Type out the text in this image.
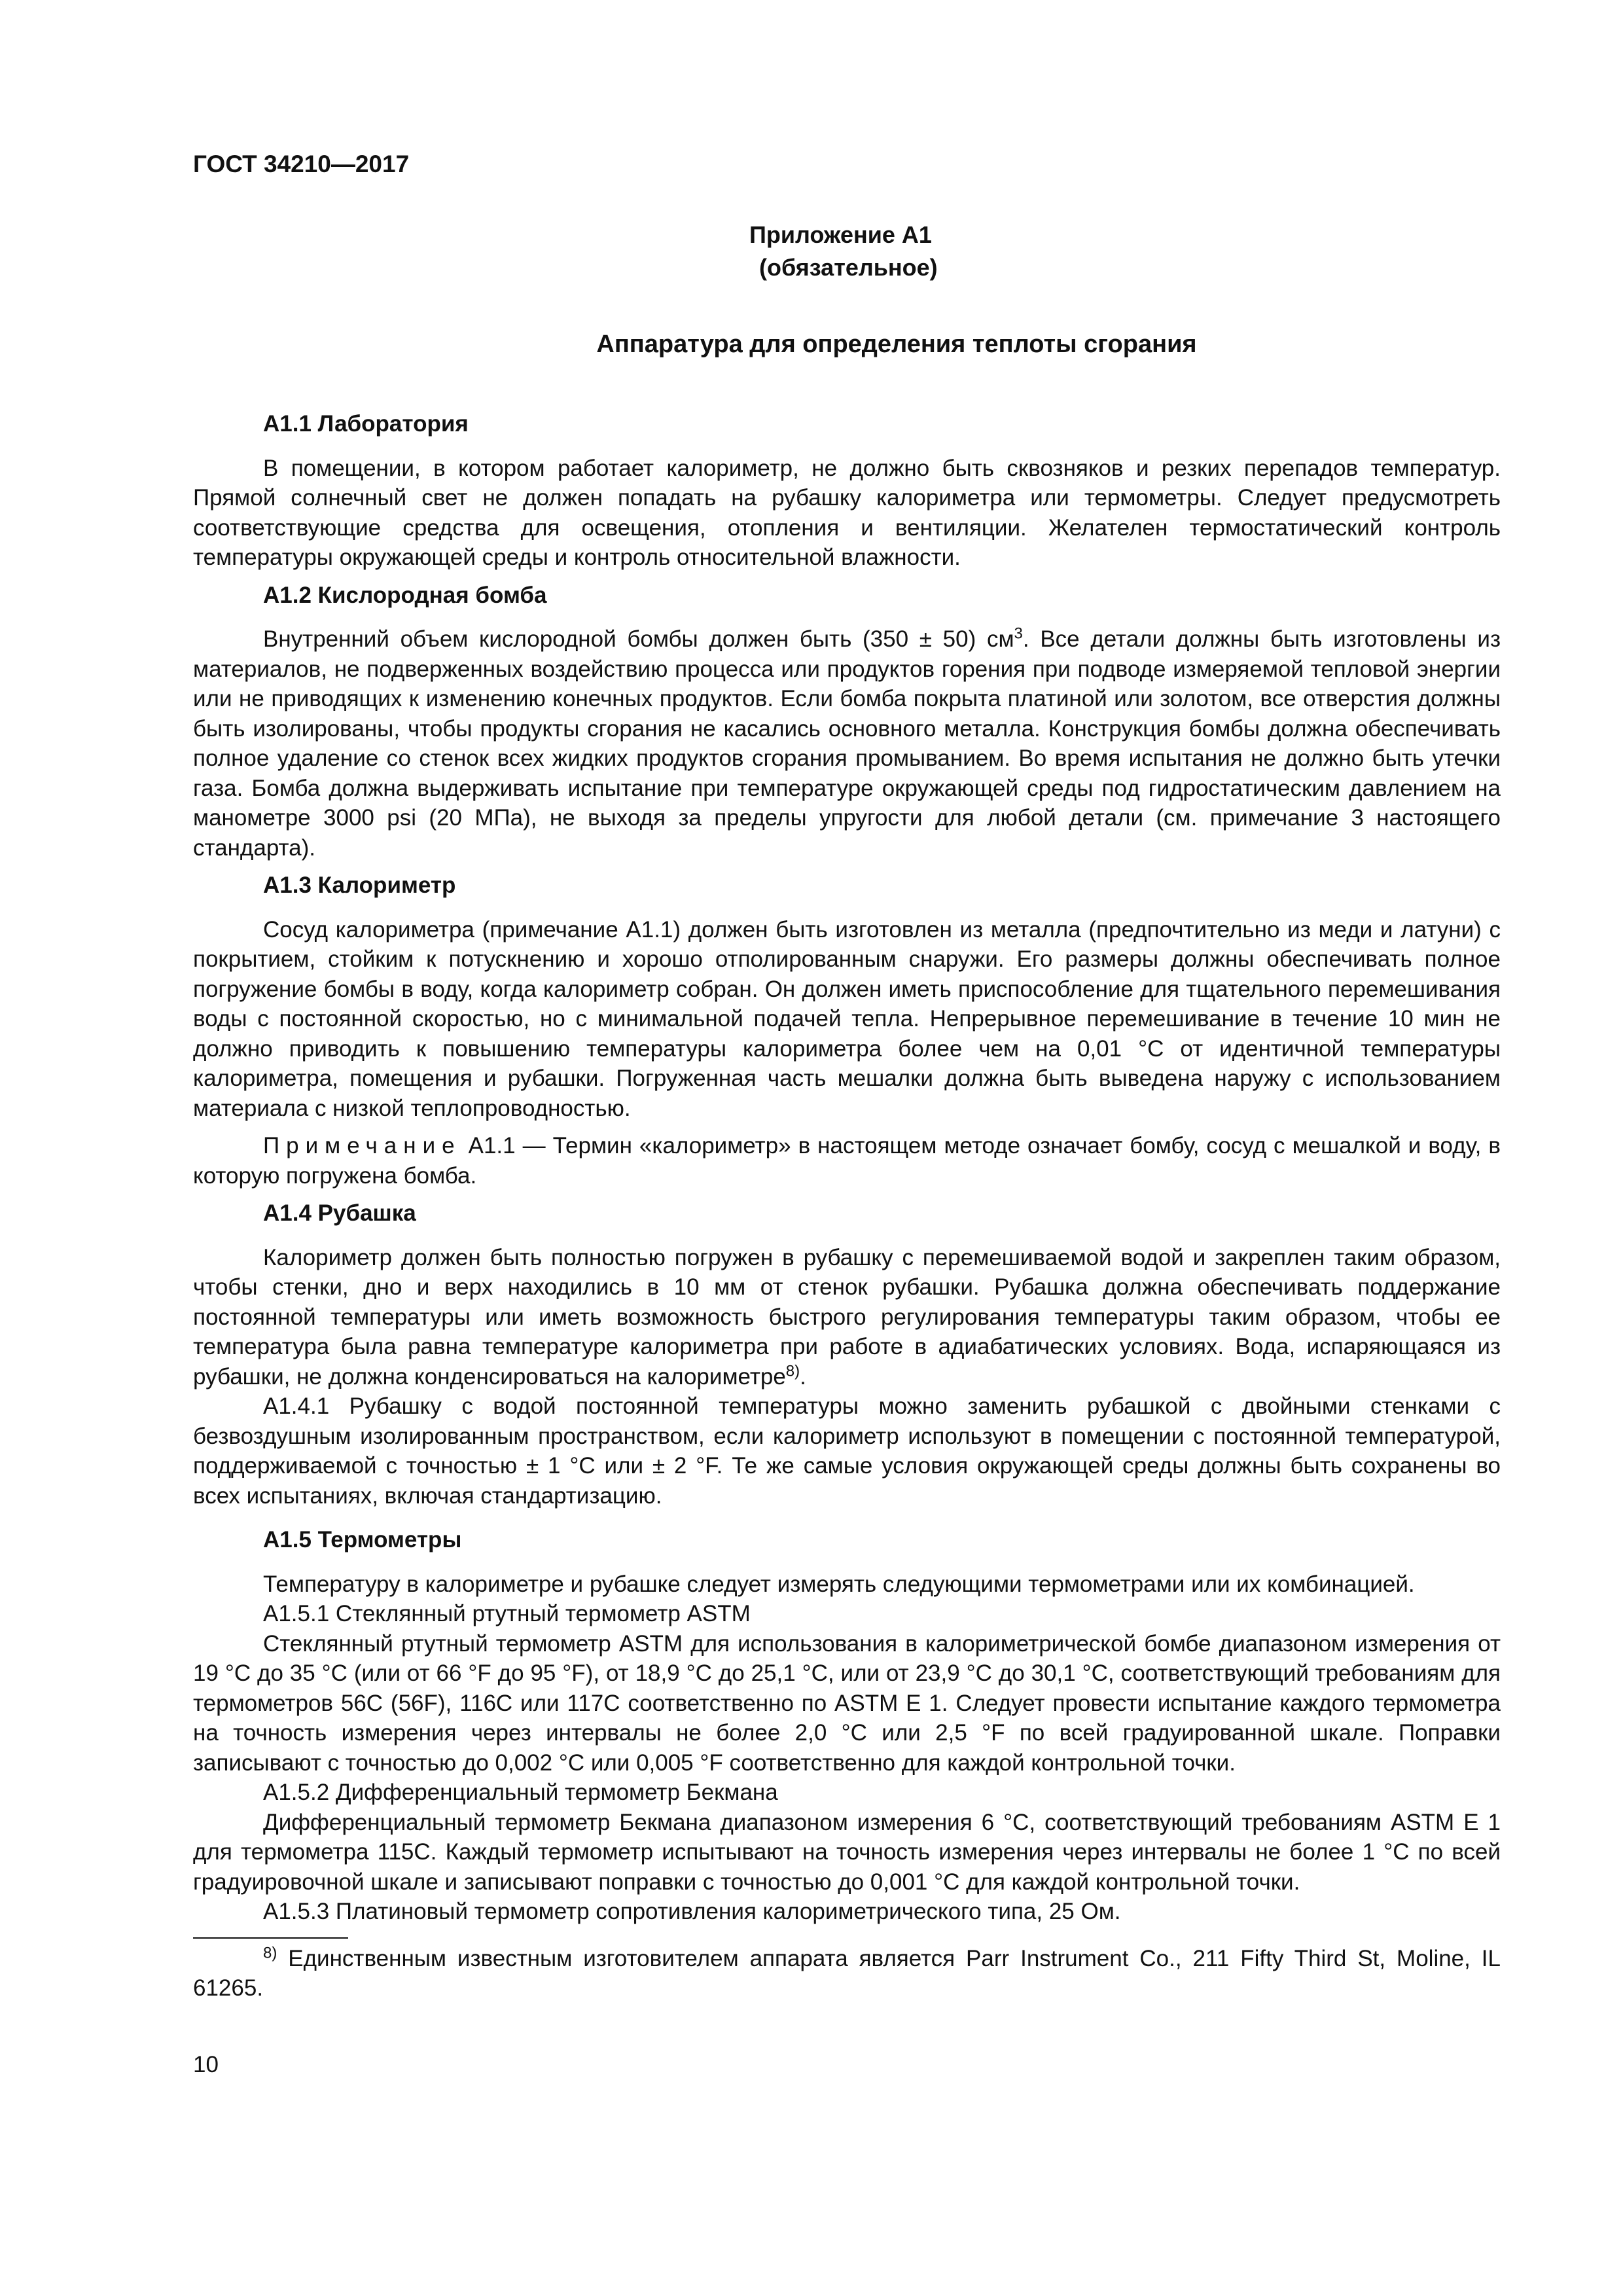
ГОСТ 34210—2017
Приложение А1
(обязательное)
Аппаратура для определения теплоты сгорания
А1.1 Лаборатория

В помещении, в котором работает калориметр, не должно быть сквозняков и резких перепадов температур. Прямой солнечный свет не должен попадать на рубашку калориметра или термометры. Следует предусмотреть соответствующие средства для освещения, отопления и вентиляции. Желателен термостатический контроль температуры окружающей среды и контроль относительной влажности.

А1.2 Кислородная бомба

Внутренний объем кислородной бомбы должен быть (350 ± 50) $см^3$. Все детали должны быть изготовлены из материалов, не подверженных воздействию процесса или продуктов горения при подводе измеряемой тепловой энергии или не приводящих к изменению конечных продуктов. Если бомба покрыта платиной или золотом, все отверстия должны быть изолированы, чтобы продукты сгорания не касались основного металла. Конструкция бомбы должна обеспечивать полное удаление со стенок всех жидких продуктов сгорания промыванием. Во время испытания не должно быть утечки газа. Бомба должна выдерживать испытание при температуре окружающей среды под гидростатическим давлением на манометре 3000 psi (20 МПа), не выходя за пределы упругости для любой детали (см. примечание 3 настоящего стандарта).

А1.3 Калориметр

Сосуд калориметра (примечание А1.1) должен быть изготовлен из металла (предпочтительно из меди и латуни) с покрытием, стойким к потускнению и хорошо отполированным снаружи. Его размеры должны обеспечивать полное погружение бомбы в воду, когда калориметр собран. Он должен иметь приспособление для тщательного перемешивания воды с постоянной скоростью, но с минимальной подачей тепла. Непрерывное перемешивание в течение 10 мин не должно приводить к повышению температуры калориметра более чем на 0,01 °С от идентичной температуры калориметра, помещения и рубашки. Погруженная часть мешалки должна быть выведена наружу с использованием материала с низкой теплопроводностью.

Примечание А1.1 — Термин «калориметр» в настоящем методе означает бомбу, сосуд с мешалкой и воду, в которую погружена бомба.

А1.4 Рубашка

Калориметр должен быть полностью погружен в рубашку с перемешиваемой водой и закреплен таким образом, чтобы стенки, дно и верх находились в 10 мм от стенок рубашки. Рубашка должна обеспечивать поддержание постоянной температуры или иметь возможность быстрого регулирования температуры таким образом, чтобы ее температура была равна температуре калориметра при работе в адиабатических условиях. Вода, испаряющаяся из рубашки, не должна конденсироваться на калориметре$^{8)}$.

А1.4.1 Рубашку с водой постоянной температуры можно заменить рубашкой с двойными стенками с безвоздушным изолированным пространством, если калориметр используют в помещении с постоянной температурой, поддерживаемой с точностью ± 1 °С или ± 2 °F. Те же самые условия окружающей среды должны быть сохранены во всех испытаниях, включая стандартизацию.

А1.5 Термометры

Температуру в калориметре и рубашке следует измерять следующими термометрами или их комбинацией.

А1.5.1 Стеклянный ртутный термометр ASTM

Стеклянный ртутный термометр ASTM для использования в калориметрической бомбе диапазоном измерения от 19 °С до 35 °С (или от 66 °F до 95 °F), от 18,9 °С до 25,1 °С, или от 23,9 °С до 30,1 °С, соответствующий требованиям для термометров 56С (56F), 116С или 117С соответственно по ASTM Е 1. Следует провести испытание каждого термометра на точность измерения через интервалы не более 2,0 °С или 2,5 °F по всей градуированной шкале. Поправки записывают с точностью до 0,002 °С или 0,005 °F соответственно для каждой контрольной точки.

А1.5.2 Дифференциальный термометр Бекмана

Дифференциальный термометр Бекмана диапазоном измерения 6 °С, соответствующий требованиям ASTM Е 1 для термометра 115С. Каждый термометр испытывают на точность измерения через интервалы не более 1 °С по всей градуировочной шкале и записывают поправки с точностью до 0,001 °С для каждой контрольной точки.

А1.5.3 Платиновый термометр сопротивления калориметрического типа, 25 Ом.

$^{8)}$ Единственным известным изготовителем аппарата является Parr Instrument Co., 211 Fifty Third St, Moline, IL 61265.

10
